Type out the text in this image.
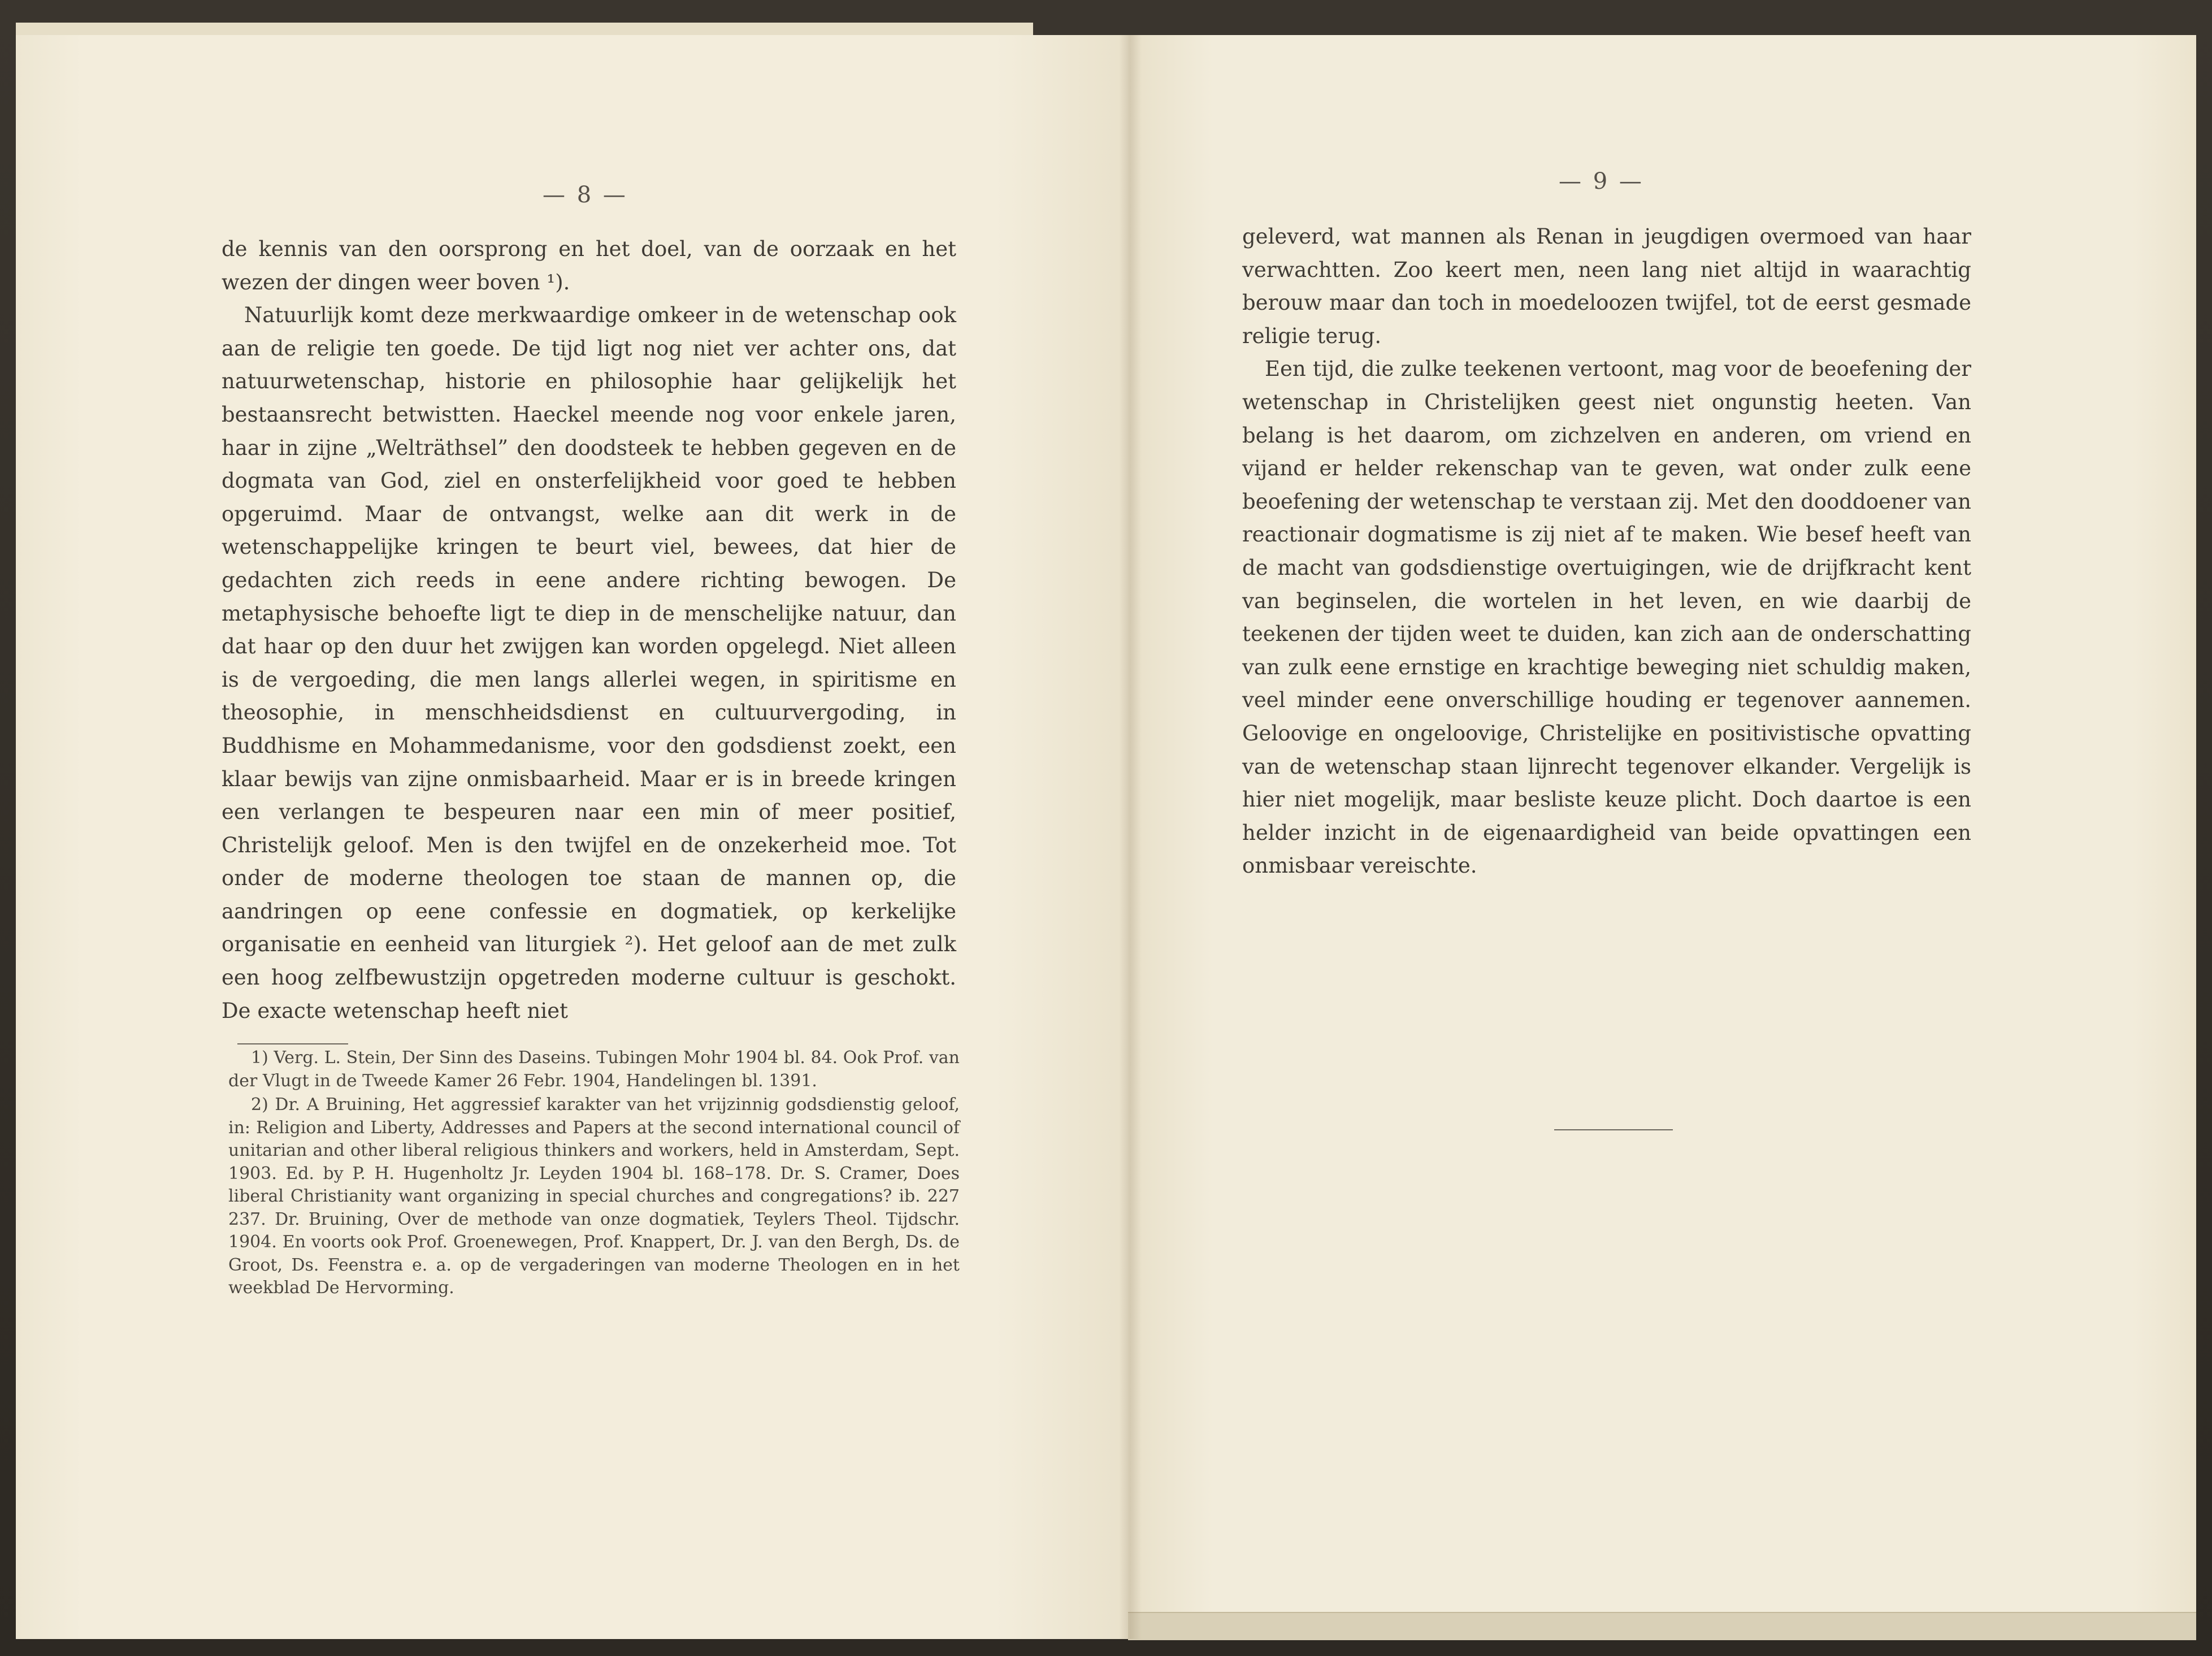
— 8 —

de kennis van den oorsprong en het doel, van de oorzaak en het wezen der dingen weer boven ¹).

Natuurlijk komt deze merkwaardige omkeer in de wetenschap ook aan de religie ten goede. De tijd ligt nog niet ver achter ons, dat natuurwetenschap, historie en philosophie haar gelijkelijk het bestaansrecht betwistten. Haeckel meende nog voor enkele jaren, haar in zijne „Welträthsel” den doodsteek te hebben gegeven en de dogmata van God, ziel en onsterfelijkheid voor goed te hebben opgeruimd. Maar de ontvangst, welke aan dit werk in de wetenschappelijke kringen te beurt viel, bewees, dat hier de gedachten zich reeds in eene andere richting bewogen. De metaphysische behoefte ligt te diep in de menschelijke natuur, dan dat haar op den duur het zwijgen kan worden opgelegd. Niet alleen is de vergoeding, die men langs allerlei wegen, in spiritisme en theosophie, in menschheidsdienst en cultuurvergoding, in Buddhisme en Mohammedanisme, voor den godsdienst zoekt, een klaar bewijs van zijne onmisbaarheid. Maar er is in breede kringen een verlangen te bespeuren naar een min of meer positief, Christelijk geloof. Men is den twijfel en de onzekerheid moe. Tot onder de moderne theologen toe staan de mannen op, die aandringen op eene confessie en dogmatiek, op kerkelijke organisatie en eenheid van liturgiek ²). Het geloof aan de met zulk een hoog zelfbewustzijn opgetreden moderne cultuur is geschokt. De exacte wetenschap heeft niet

1) Verg. L. Stein, Der Sinn des Daseins. Tubingen Mohr 1904 bl. 84. Ook Prof. van der Vlugt in de Tweede Kamer 26 Febr. 1904, Handelingen bl. 1391.

2) Dr. A Bruining, Het aggressief karakter van het vrijzinnig godsdienstig geloof, in: Religion and Liberty, Addresses and Papers at the second international council of unitarian and other liberal religious thinkers and workers, held in Amsterdam, Sept. 1903. Ed. by P. H. Hugenholtz Jr. Leyden 1904 bl. 168–178. Dr. S. Cramer, Does liberal Christianity want organizing in special churches and congregations? ib. 227 237. Dr. Bruining, Over de methode van onze dogmatiek, Teylers Theol. Tijdschr. 1904. En voorts ook Prof. Groenewegen, Prof. Knappert, Dr. J. van den Bergh, Ds. de Groot, Ds. Feenstra e. a. op de vergaderingen van moderne Theologen en in het weekblad De Hervorming.

— 9 —

geleverd, wat mannen als Renan in jeugdigen overmoed van haar verwachtten. Zoo keert men, neen lang niet altijd in waarachtig berouw maar dan toch in moedeloozen twijfel, tot de eerst gesmade religie terug.

Een tijd, die zulke teekenen vertoont, mag voor de beoefening der wetenschap in Christelijken geest niet ongunstig heeten. Van belang is het daarom, om zichzelven en anderen, om vriend en vijand er helder rekenschap van te geven, wat onder zulk eene beoefening der wetenschap te verstaan zij. Met den dooddoener van reactionair dogmatisme is zij niet af te maken. Wie besef heeft van de macht van godsdienstige overtuigingen, wie de drijfkracht kent van beginselen, die wortelen in het leven, en wie daarbij de teekenen der tijden weet te duiden, kan zich aan de onderschatting van zulk eene ernstige en krachtige beweging niet schuldig maken, veel minder eene onverschillige houding er tegenover aannemen. Geloovige en ongeloovige, Christelijke en positivistische opvatting van de wetenschap staan lijnrecht tegenover elkander. Vergelijk is hier niet mogelijk, maar besliste keuze plicht. Doch daartoe is een helder inzicht in de eigenaardigheid van beide opvattingen een onmisbaar vereischte.
